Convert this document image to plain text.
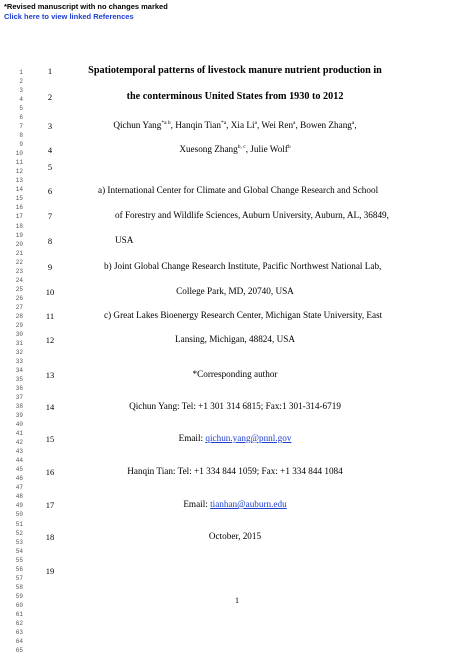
*Revised manuscript with no changes marked
Click here to view linked References
1
2
3
4
5
6
7
8
9
10
11
12
13
14
15
16
17
18
19
20
21
22
23
24
25
26
27
28
29
30
31
32
33
34
35
36
37
38
39
40
41
42
43
44
45
46
47
48
49
50
51
52
53
54
55
56
57
58
59
60
61
62
63
64
65
1
2
3
4
5
6
7
8
9
10
11
12
13
14
15
16
17
18
19
Spatiotemporal patterns of livestock manure nutrient production in
the conterminous United States from 1930 to 2012
Qichun Yang$^{*a b}$, Hanqin Tian$^{*a}$, Xia Li$^a$, Wei Ren$^a$, Bowen Zhang$^a$,
Xuesong Zhang$^{b, c}$, Julie Wolf$^b$
a) International Center for Climate and Global Change Research and School
of Forestry and Wildlife Sciences, Auburn University, Auburn, AL, 36849,
USA
b) Joint Global Change Research Institute, Pacific Northwest National Lab,
College Park, MD, 20740, USA
c) Great Lakes Bioenergy Research Center, Michigan State University, East
Lansing, Michigan, 48824, USA
*Corresponding author
Qichun Yang: Tel: +1 301 314 6815; Fax:1 301-314-6719
Email: qichun.yang@pnnl.gov
Hanqin Tian: Tel: +1 334 844 1059; Fax: +1 334 844 1084
Email: tianhan@auburn.edu
October, 2015
1
